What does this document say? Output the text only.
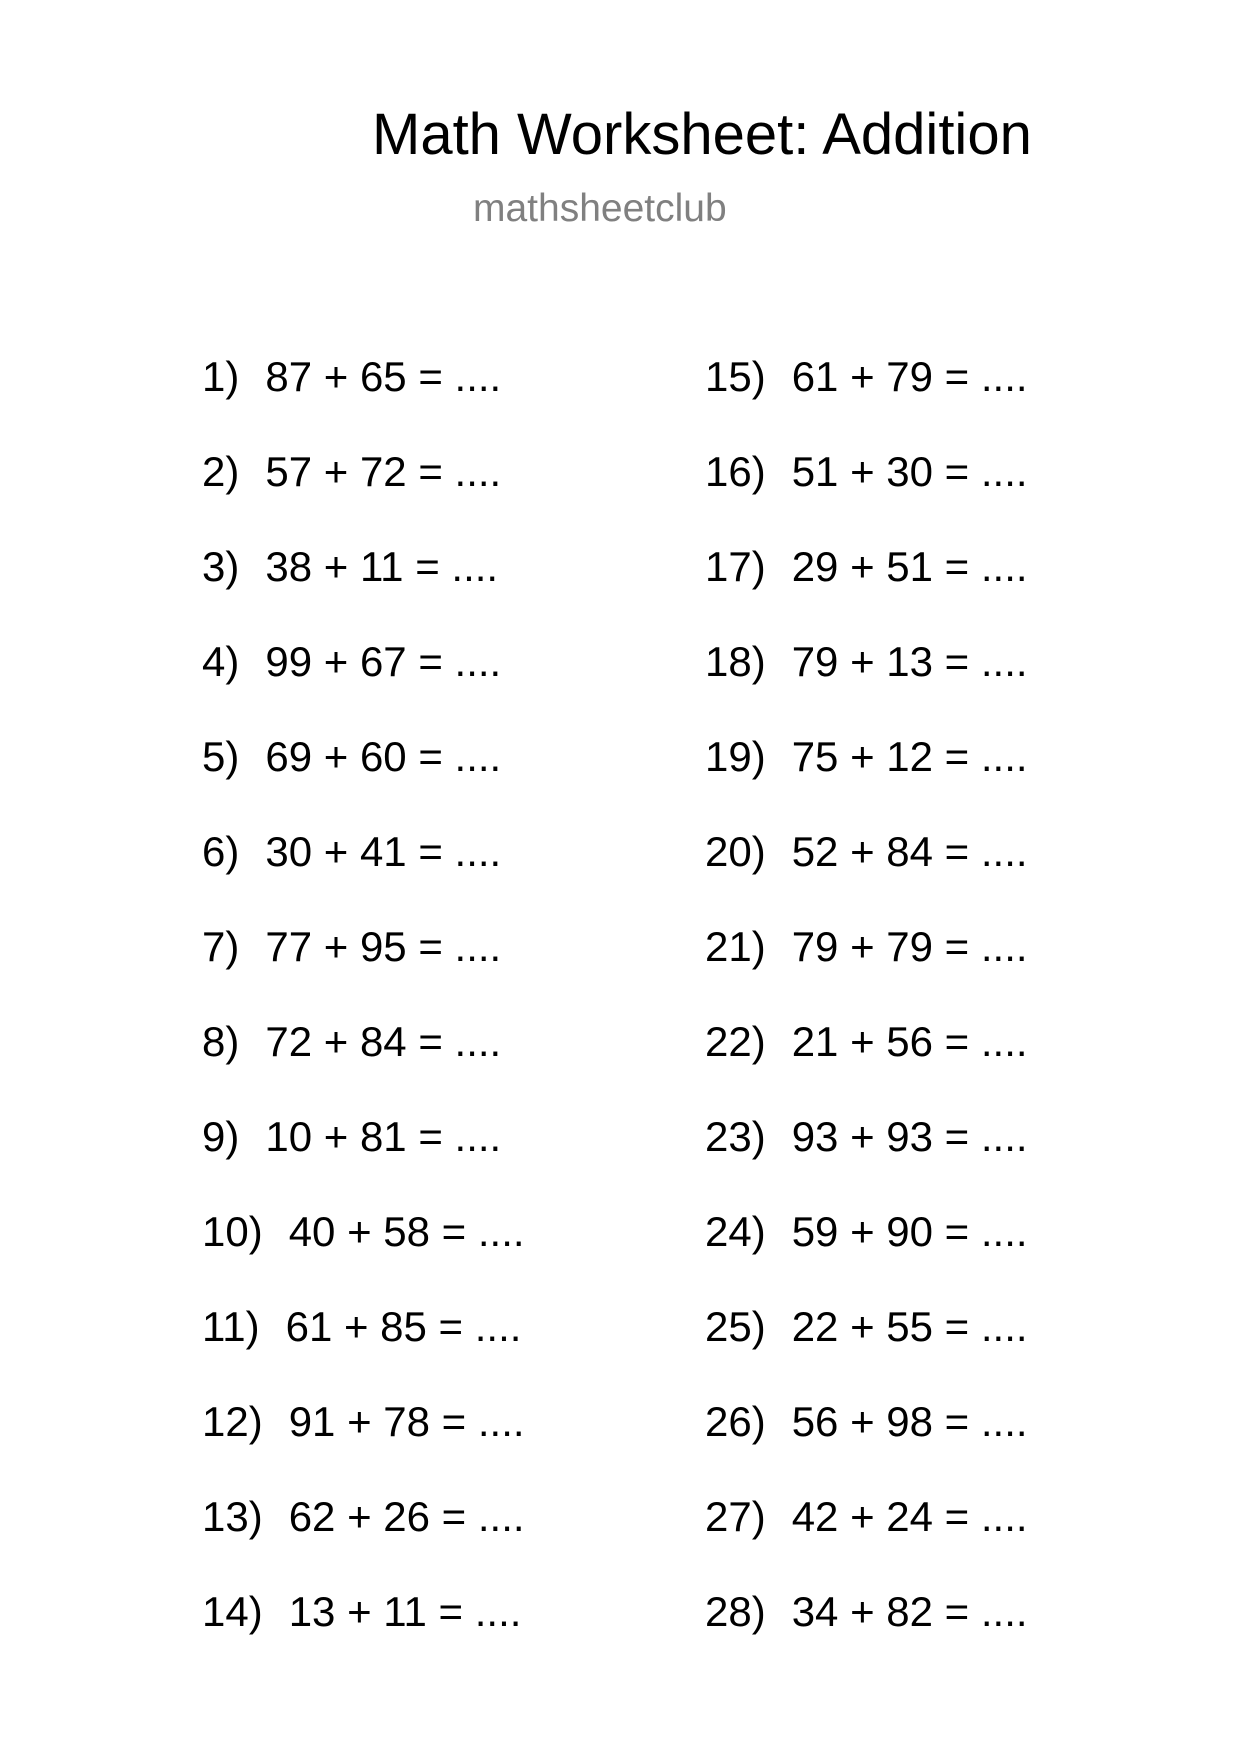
Math Worksheet: Addition
mathsheetclub
1) 87 + 65 = ....
2) 57 + 72 = ....
3) 38 + 11 = ....
4) 99 + 67 = ....
5) 69 + 60 = ....
6) 30 + 41 = ....
7) 77 + 95 = ....
8) 72 + 84 = ....
9) 10 + 81 = ....
10) 40 + 58 = ....
11) 61 + 85 = ....
12) 91 + 78 = ....
13) 62 + 26 = ....
14) 13 + 11 = ....
15) 61 + 79 = ....
16) 51 + 30 = ....
17) 29 + 51 = ....
18) 79 + 13 = ....
19) 75 + 12 = ....
20) 52 + 84 = ....
21) 79 + 79 = ....
22) 21 + 56 = ....
23) 93 + 93 = ....
24) 59 + 90 = ....
25) 22 + 55 = ....
26) 56 + 98 = ....
27) 42 + 24 = ....
28) 34 + 82 = ....
